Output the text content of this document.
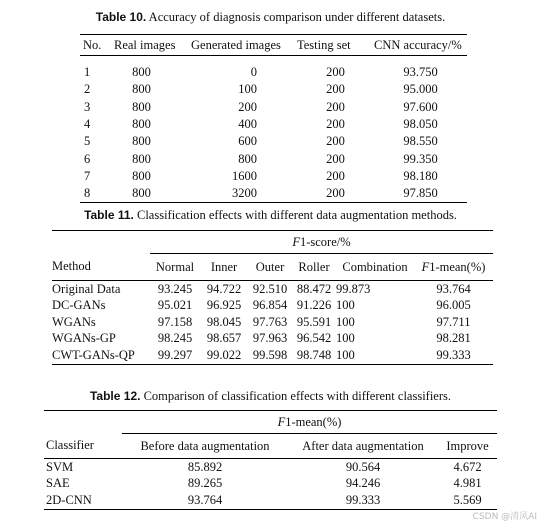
Table 10. Accuracy of diagnosis comparison under different datasets.
No.	Real images	Generated images	Testing set	CNN accuracy/%

1	800	0	200	93.750
2	800	100	200	95.000
3	800	200	200	97.600
4	800	400	200	98.050
5	800	600	200	98.550
6	800	800	200	99.350
7	800	1600	200	98.180
8	800	3200	200	97.850
Table 11. Classification effects with different data augmentation methods.
	F1-score/%					
Method	Normal	Inner	Outer	Roller	Combination	F1-mean(%)
Original Data	93.245	94.722	92.510	88.472	99.873	93.764
DC-GANs	95.021	96.925	96.854	91.226	100	96.005
WGANs	97.158	98.045	97.763	95.591	100	97.711
WGANs-GP	98.245	98.657	97.963	96.542	100	98.281
CWT-GANs-QP	99.297	99.022	99.598	98.748	100	99.333
Table 12. Comparison of classification effects with different classifiers.
	F1-mean(%)		
Classifier	Before data augmentation	After data augmentation	Improve
SVM	85.892	90.564	4.672
SAE	89.265	94.246	4.981
2D-CNN	93.764	99.333	5.569
CSDN @清风AI
